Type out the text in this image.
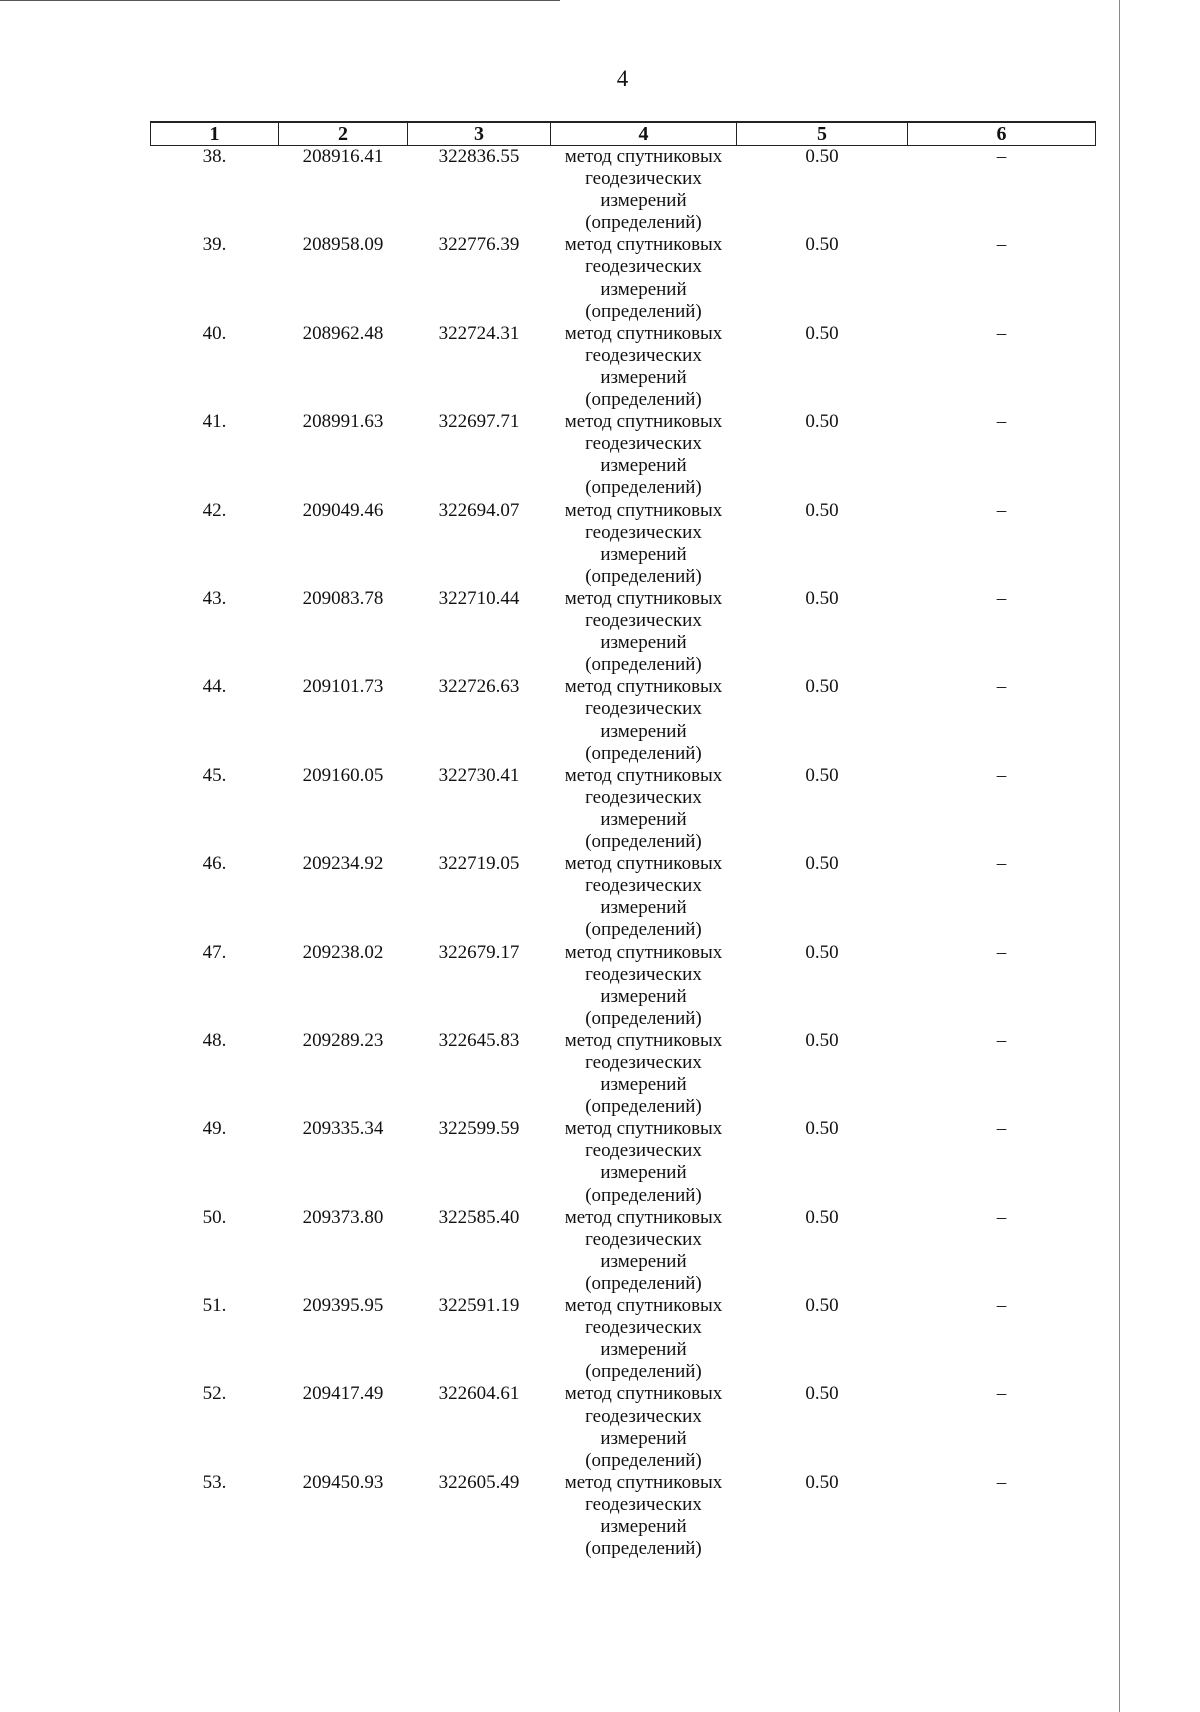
4
1	2	3	4	5	6
38.	208916.41	322836.55	метод спутниковых
геодезических
измерений
(определений)	0.50	–
39.	208958.09	322776.39	метод спутниковых
геодезических
измерений
(определений)	0.50	–
40.	208962.48	322724.31	метод спутниковых
геодезических
измерений
(определений)	0.50	–
41.	208991.63	322697.71	метод спутниковых
геодезических
измерений
(определений)	0.50	–
42.	209049.46	322694.07	метод спутниковых
геодезических
измерений
(определений)	0.50	–
43.	209083.78	322710.44	метод спутниковых
геодезических
измерений
(определений)	0.50	–
44.	209101.73	322726.63	метод спутниковых
геодезических
измерений
(определений)	0.50	–
45.	209160.05	322730.41	метод спутниковых
геодезических
измерений
(определений)	0.50	–
46.	209234.92	322719.05	метод спутниковых
геодезических
измерений
(определений)	0.50	–
47.	209238.02	322679.17	метод спутниковых
геодезических
измерений
(определений)	0.50	–
48.	209289.23	322645.83	метод спутниковых
геодезических
измерений
(определений)	0.50	–
49.	209335.34	322599.59	метод спутниковых
геодезических
измерений
(определений)	0.50	–
50.	209373.80	322585.40	метод спутниковых
геодезических
измерений
(определений)	0.50	–
51.	209395.95	322591.19	метод спутниковых
геодезических
измерений
(определений)	0.50	–
52.	209417.49	322604.61	метод спутниковых
геодезических
измерений
(определений)	0.50	–
53.	209450.93	322605.49	метод спутниковых
геодезических
измерений
(определений)	0.50	–
